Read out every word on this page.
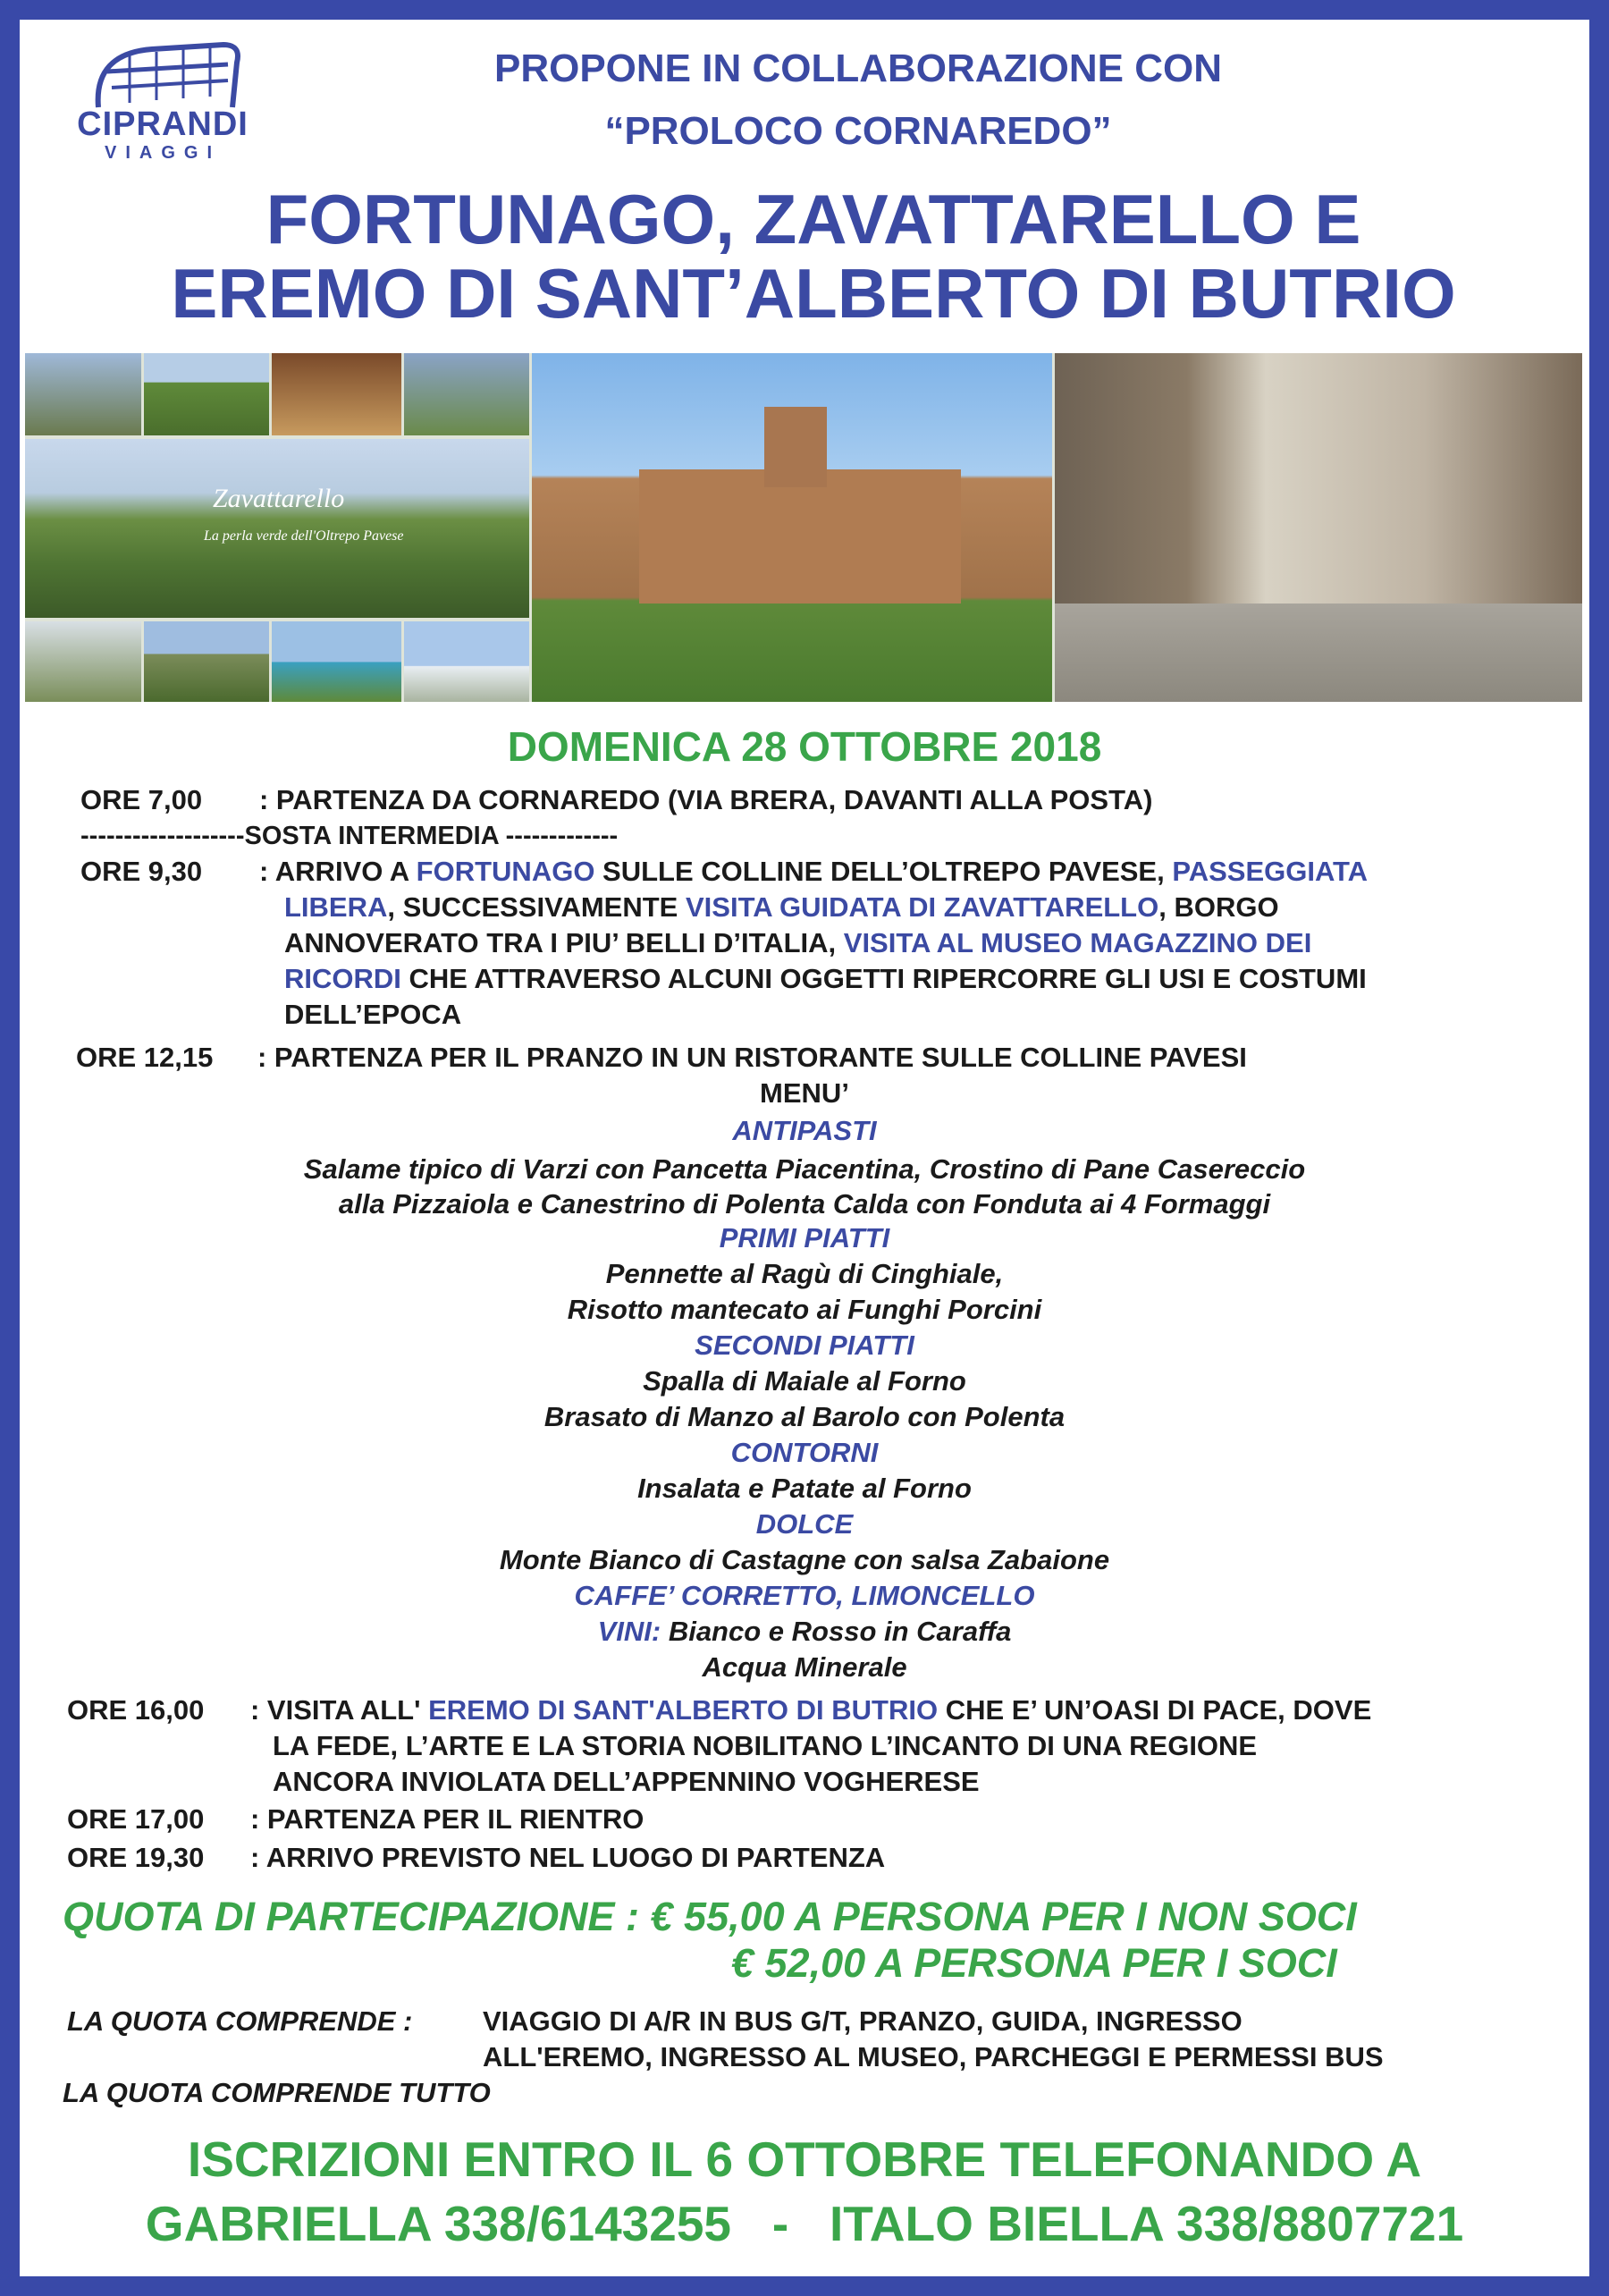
CIPRANDI
VIAGGI
PROPONE IN COLLABORAZIONE CON
“PROLOCO CORNAREDO”
FORTUNAGO, ZAVATTARELLO E
EREMO DI SANT’ALBERTO DI BUTRIO
Zavattarello
La perla verde dell'Oltrepo Pavese
DOMENICA 28 OTTOBRE 2018
ORE 7,00 : PARTENZA DA CORNAREDO (VIA BRERA, DAVANTI ALLA POSTA)
-------------------SOSTA INTERMEDIA -------------
ORE 9,30 : ARRIVO A FORTUNAGO SULLE COLLINE DELL’OLTREPO PAVESE, PASSEGGIATA
LIBERA, SUCCESSIVAMENTE VISITA GUIDATA DI ZAVATTARELLO, BORGO
ANNOVERATO TRA I PIU’ BELLI D’ITALIA, VISITA AL MUSEO MAGAZZINO DEI
RICORDI CHE ATTRAVERSO ALCUNI OGGETTI RIPERCORRE GLI USI E COSTUMI
DELL’EPOCA
ORE 12,15 : PARTENZA PER IL PRANZO IN UN RISTORANTE SULLE COLLINE PAVESI
MENU’
ANTIPASTI
Salame tipico di Varzi con Pancetta Piacentina, Crostino di Pane Casereccio
alla Pizzaiola e Canestrino di Polenta Calda con Fonduta ai 4 Formaggi
PRIMI PIATTI
Pennette al Ragù di Cinghiale,
Risotto mantecato ai Funghi Porcini
SECONDI PIATTI
Spalla di Maiale al Forno
Brasato di Manzo al Barolo con Polenta
CONTORNI
Insalata e Patate al Forno
DOLCE
Monte Bianco di Castagne con salsa Zabaione
CAFFE’ CORRETTO, LIMONCELLO
VINI: Bianco e Rosso in Caraffa
Acqua Minerale
ORE 16,00 : VISITA ALL' EREMO DI SANT'ALBERTO DI BUTRIO CHE E’ UN’OASI DI PACE, DOVE
LA FEDE, L’ARTE E LA STORIA NOBILITANO L’INCANTO DI UNA REGIONE
ANCORA INVIOLATA DELL’APPENNINO VOGHERESE
ORE 17,00 : PARTENZA PER IL RIENTRO
ORE 19,30 : ARRIVO PREVISTO NEL LUOGO DI PARTENZA
QUOTA DI PARTECIPAZIONE : € 55,00 A PERSONA PER I NON SOCI
€ 52,00 A PERSONA PER I SOCI
LA QUOTA COMPRENDE :	VIAGGIO DI A/R IN BUS G/T, PRANZO, GUIDA, INGRESSO
ALL'EREMO, INGRESSO AL MUSEO, PARCHEGGI E PERMESSI BUS
LA QUOTA COMPRENDE TUTTO
ISCRIZIONI ENTRO IL 6 OTTOBRE TELEFONANDO A
GABRIELLA 338/6143255   -   ITALO BIELLA 338/8807721
